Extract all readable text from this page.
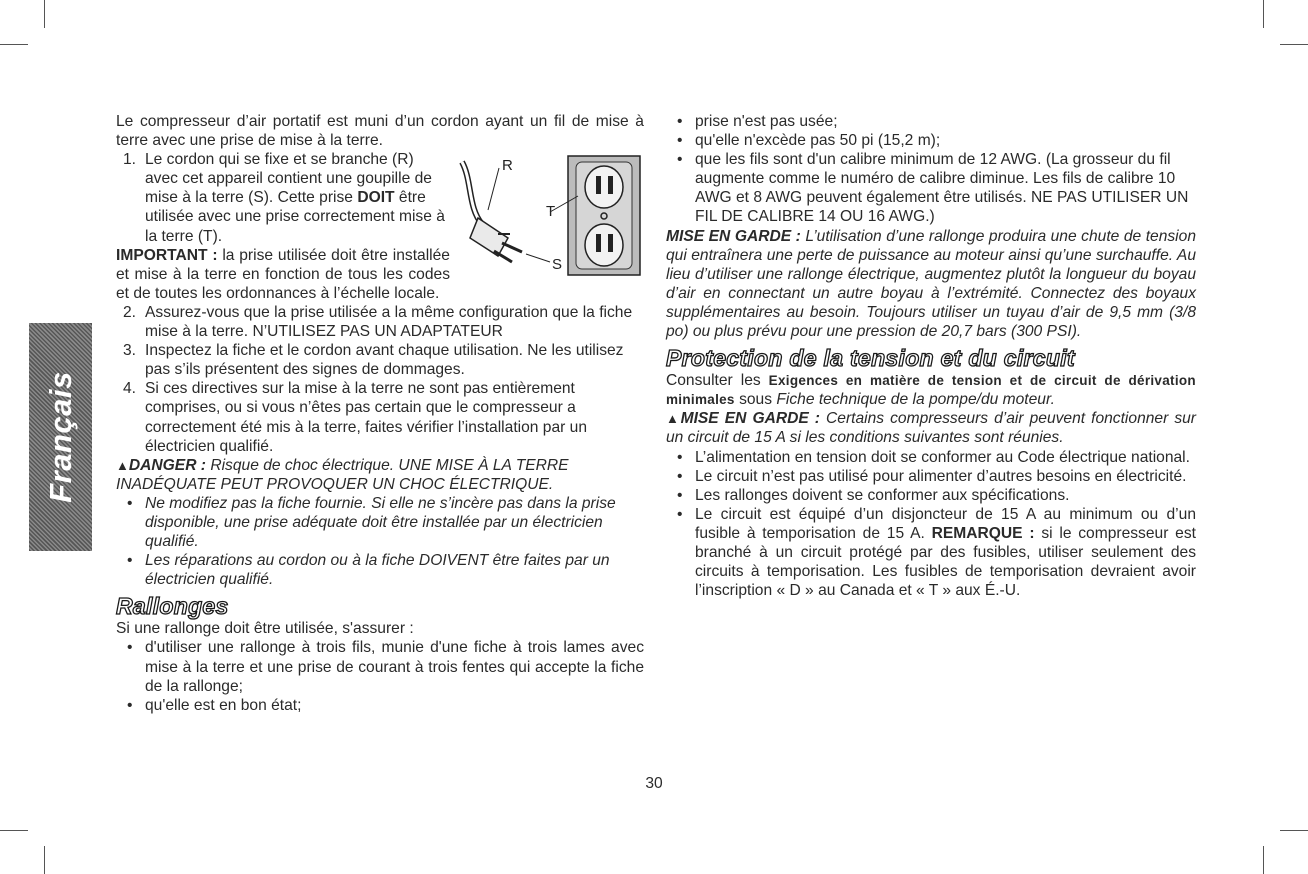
Français

Le compresseur d’air portatif est muni d’un cordon ayant un fil de mise à terre avec une prise de mise à la terre.

R
T
S
1. Le cordon qui se fixe et se branche (R) avec cet appareil contient une goupille de mise à la terre (S). Cette prise DOIT être utilisée avec une prise correctement mise à la terre (T).

IMPORTANT : la prise utilisée doit être installée et mise à la terre en fonction de tous les codes et de toutes les ordonnances à l’échelle locale.

2. Assurez-vous que la prise utilisée a la même configuration que la fiche mise à la terre. N’UTILISEZ PAS UN ADAPTATEUR
3. Inspectez la fiche et le cordon avant chaque utilisation. Ne les utilisez pas s’ils présentent des signes de dommages.
4. Si ces directives sur la mise à la terre ne sont pas entièrement comprises, ou si vous n’êtes pas certain que le compresseur a correctement été mis à la terre, faites vérifier l’installation par un électricien qualifié.

▲DANGER : Risque de choc électrique. UNE MISE À LA TERRE INADÉQUATE PEUT PROVOQUER UN CHOC ÉLECTRIQUE.

• Ne modifiez pas la fiche fournie. Si elle ne s’incère pas dans la prise disponible, une prise adéquate doit être installée par un électricien qualifié.
• Les réparations au cordon ou à la fiche DOIVENT être faites par un électricien qualifié.
Rallonges

Si une rallonge doit être utilisée, s'assurer :

• d'utiliser une rallonge à trois fils, munie d'une fiche à trois lames avec mise à la terre et une prise de courant à trois fentes qui accepte la fiche de la rallonge;
• qu'elle est en bon état;
• prise n'est pas usée;
• qu'elle n'excède pas 50 pi (15,2 m);
• que les fils sont d'un calibre minimum de 12 AWG. (La grosseur du fil augmente comme le numéro de calibre diminue. Les fils de calibre 10 AWG et 8 AWG peuvent également être utilisés. NE PAS UTILISER UN FIL DE CALIBRE 14 OU 16 AWG.)

MISE EN GARDE : L’utilisation d’une rallonge produira une chute de tension qui entraînera une perte de puissance au moteur ainsi qu’une surchauffe. Au lieu d’utiliser une rallonge électrique, augmentez plutôt la longueur du boyau d’air en connectant un autre boyau à l’extrémité. Connectez des boyaux supplémentaires au besoin. Toujours utiliser un tuyau d’air de 9,5 mm (3/8 po) ou plus prévu pour une pression de 20,7 bars (300 PSI).

Protection de la tension et du circuit

Consulter les Exigences en matière de tension et de circuit de dérivation minimales sous Fiche technique de la pompe/du moteur.

▲MISE EN GARDE : Certains compresseurs d’air peuvent fonctionner sur un circuit de 15 A si les conditions suivantes sont réunies.

• L’alimentation en tension doit se conformer au Code électrique national.
• Le circuit n’est pas utilisé pour alimenter d’autres besoins en électricité.
• Les rallonges doivent se conformer aux spécifications.
• Le circuit est équipé d’un disjoncteur de 15 A au minimum ou d’un fusible à temporisation de 15 A. REMARQUE : si le compresseur est branché à un circuit protégé par des fusibles, utiliser seulement des circuits à temporisation. Les fusibles de temporisation devraient avoir l’inscription « D » au Canada et « T » aux É.-U.
30
